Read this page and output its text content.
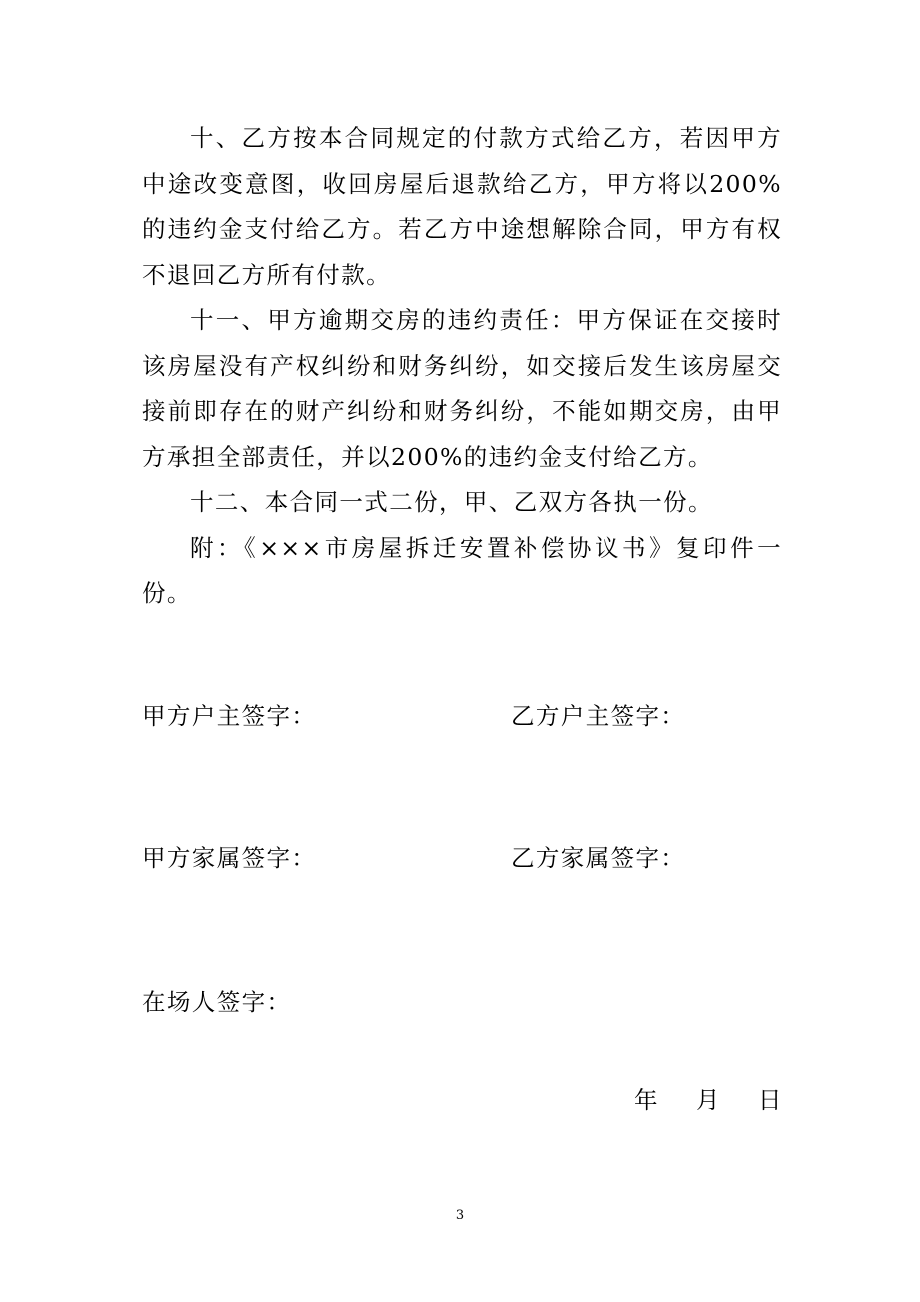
十、乙方按本合同规定的付款方式给乙方，若因甲方中途改变意图，收回房屋后退款给乙方，甲方将以200%的违约金支付给乙方。若乙方中途想解除合同，甲方有权不退回乙方所有付款。

十一、甲方逾期交房的违约责任：甲方保证在交接时该房屋没有产权纠纷和财务纠纷，如交接后发生该房屋交接前即存在的财产纠纷和财务纠纷，不能如期交房，由甲方承担全部责任，并以200%的违约金支付给乙方。

十二、本合同一式二份，甲、乙双方各执一份。

附：《×××市房屋拆迁安置补偿协议书》复印件一份。

甲方户主签字：	乙方户主签字：
甲方家属签字：	乙方家属签字：
在场人签字：
年 月 日
3
